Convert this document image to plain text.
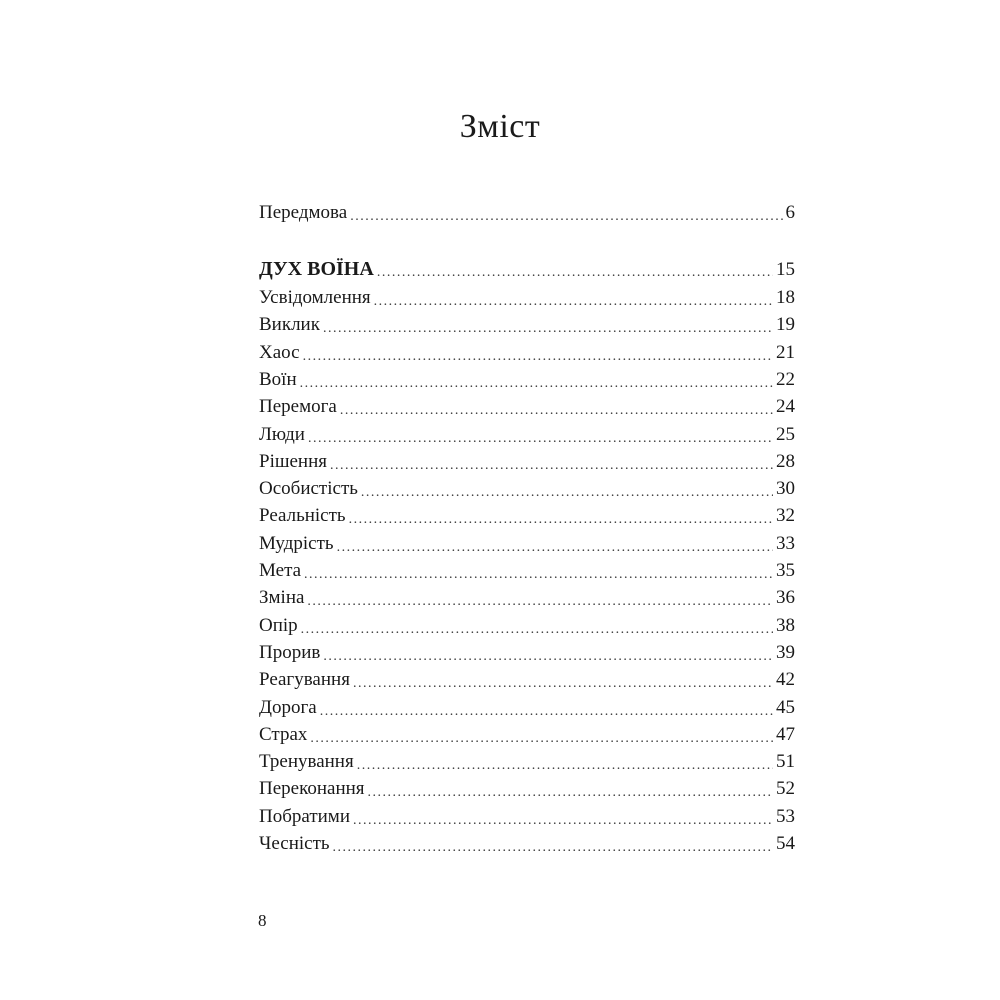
Зміст
Передмова .....	6
ДУХ ВОЇНА .....	15
Усвідомлення .....	18
Виклик .....	19
Хаос .....	21
Воїн .....	22
Перемога .....	24
Люди .....	25
Рішення .....	28
Особистість .....	30
Реальність .....	32
Мудрість .....	33
Мета .....	35
Зміна .....	36
Опір .....	38
Прорив .....	39
Реагування .....	42
Дорога .....	45
Страх .....	47
Тренування .....	51
Переконання .....	52
Побратими .....	53
Чесність .....	54
8
